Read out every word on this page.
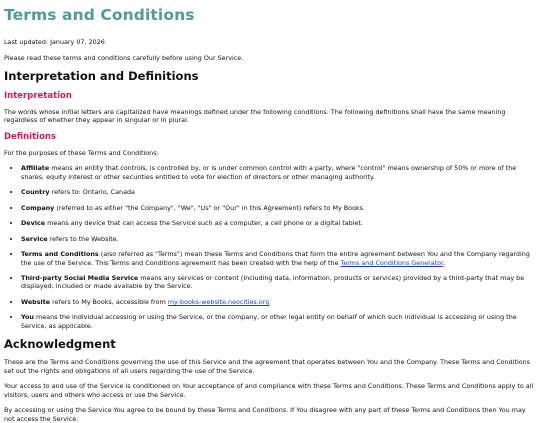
Terms and Conditions

Last updated: January 07, 2026

Please read these terms and conditions carefully before using Our Service.

Interpretation and Definitions
Interpretation

The words whose initial letters are capitalized have meanings defined under the following conditions. The following definitions shall have the same meaning regardless of whether they appear in singular or in plural.

Definitions

For the purposes of these Terms and Conditions:

• Affiliate means an entity that controls, is controlled by, or is under common control with a party, where "control" means ownership of 50% or more of the shares, equity interest or other securities entitled to vote for election of directors or other managing authority.
• Country refers to: Ontario, Canada
• Company (referred to as either "the Company", "We", "Us" or "Our" in this Agreement) refers to My Books.
• Device means any device that can access the Service such as a computer, a cell phone or a digital tablet.
• Service refers to the Website.
• Terms and Conditions (also referred as "Terms") mean these Terms and Conditions that form the entire agreement between You and the Company regarding the use of the Service. This Terms and Conditions agreement has been created with the help of the Terms and Conditions Generator.
• Third-party Social Media Service means any services or content (including data, information, products or services) provided by a third-party that may be displayed, included or made available by the Service.
• Website refers to My Books, accessible from my-books-website.neocities.org
• You means the individual accessing or using the Service, or the company, or other legal entity on behalf of which such individual is accessing or using the Service, as applicable.
Acknowledgment

These are the Terms and Conditions governing the use of this Service and the agreement that operates between You and the Company. These Terms and Conditions set out the rights and obligations of all users regarding the use of the Service.

Your access to and use of the Service is conditioned on Your acceptance of and compliance with these Terms and Conditions. These Terms and Conditions apply to all visitors, users and others who access or use the Service.

By accessing or using the Service You agree to be bound by these Terms and Conditions. If You disagree with any part of these Terms and Conditions then You may not access the Service.
